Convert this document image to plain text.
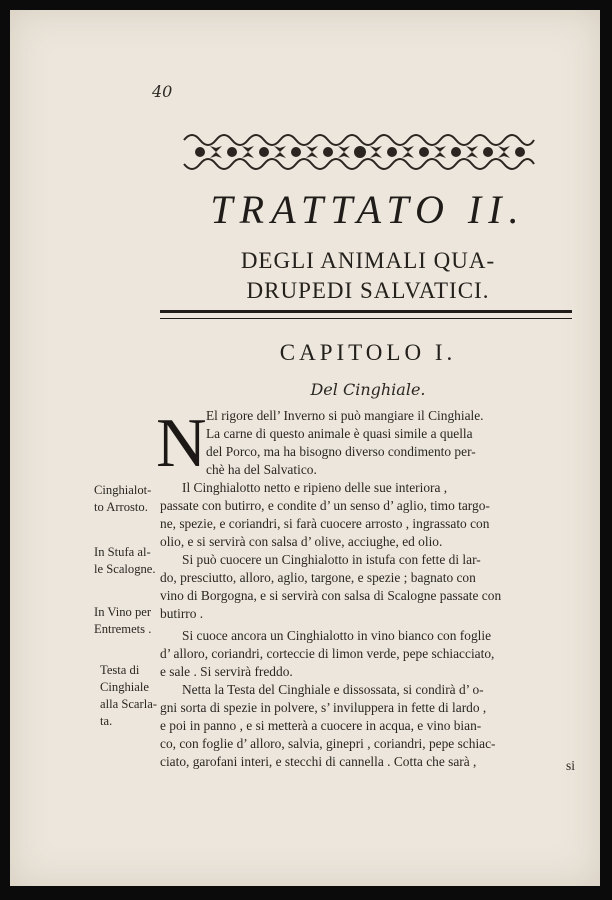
40
TRATTATO II.
DEGLI ANIMALI QUA-
DRUPEDI SALVATICI.
CAPITOLO I.
Del Cinghiale.
N El rigore dell’ Inverno si può mangiare il Cinghiale.
La carne di questo animale è quasi simile a quella
del Porco, ma ha bisogno diverso condimento per-
chè ha del Salvatico.
Il Cinghialotto netto e ripieno delle sue interiora ,
passate con butirro, e condite d’ un senso d’ aglio, timo targo-
ne, spezie, e coriandri, si farà cuocere arrosto , ingrassato con
olio, e si servirà con salsa d’ olive, acciughe, ed olio.
Si può cuocere un Cinghialotto in istufa con fette di lar-
do, presciutto, alloro, aglio, targone, e spezie ; bagnato con
vino di Borgogna, e si servirà con salsa di Scalogne passate con
butirro .
Si cuoce ancora un Cinghialotto in vino bianco con foglie
d’ alloro, coriandri, corteccie di limon verde, pepe schiacciato,
e sale . Si servirà freddo.
Netta la Testa del Cinghiale e dissossata, si condirà d’ o-
gni sorta di spezie in polvere, s’ inviluppera in fette di lardo ,
e poi in panno , e si metterà a cuocere in acqua, e vino bian-
co, con foglie d’ alloro, salvia, ginepri , coriandri, pepe schiac-
ciato, garofani interi, e stecchi di cannella . Cotta che sarà ,	si
Cinghialot-
to Arrosto.
In Stufa al-
le Scalogne.
In Vino per
Entremets .
Testa di
Cinghiale
alla Scarla-
ta.
